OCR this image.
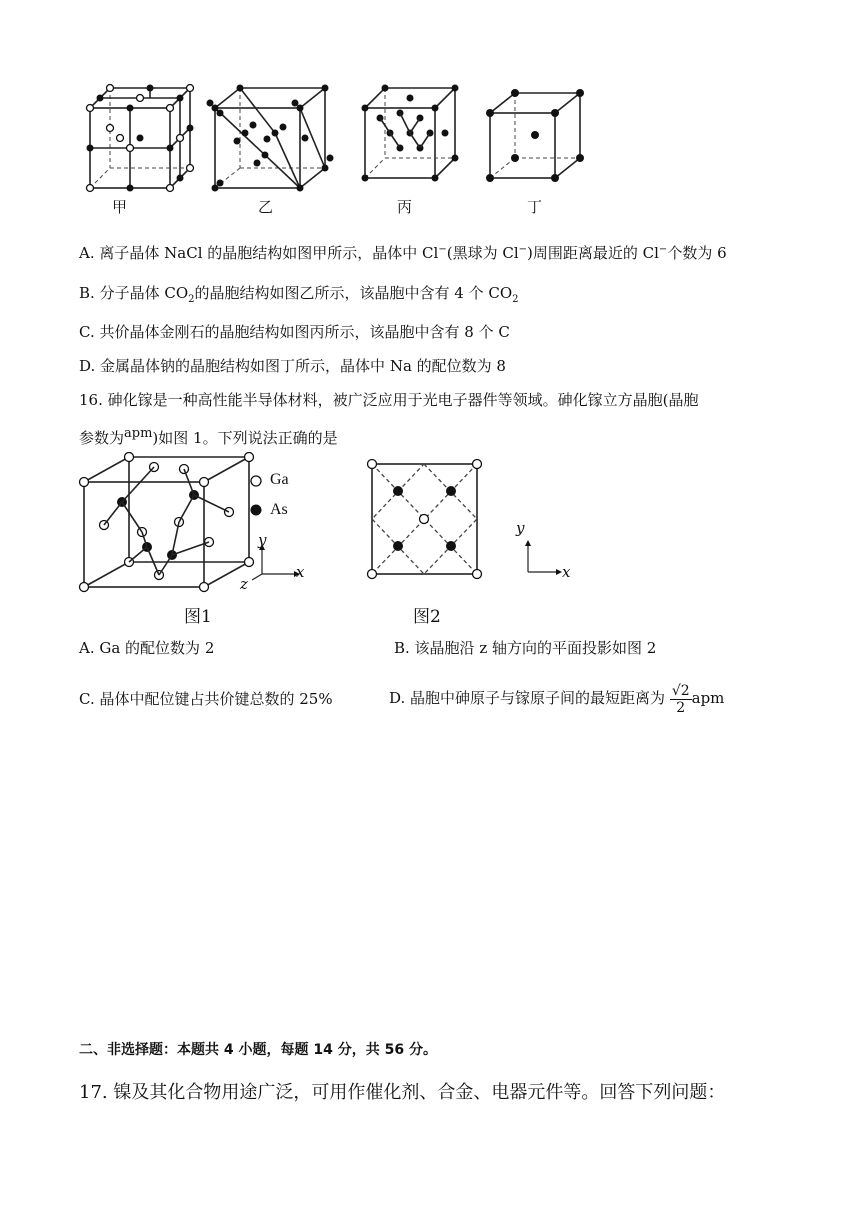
甲	乙	丙	丁
A. 离子晶体 NaCl 的晶胞结构如图甲所示，晶体中 Cl−(黑球为 Cl−)周围距离最近的 Cl−个数为 6
B. 分子晶体 $CO_2$的晶胞结构如图乙所示，该晶胞中含有 4 个 $CO_2$
C. 共价晶体金刚石的晶胞结构如图丙所示，该晶胞中含有 8 个 C
D. 金属晶体钠的晶胞结构如图丁所示，晶体中 Na 的配位数为 8
16. 砷化镓是一种高性能半导体材料，被广泛应用于光电子器件等领域。砷化镓立方晶胞(晶胞
参数为$^{apm}$)如图 1。下列说法正确的是
Ga
As
y
z
x
y
x
图1	图2
A. Ga 的配位数为 2	B. 该晶胞沿 z 轴方向的平面投影如图 2
C. 晶体中配位键占共价键总数的 25%	D. 晶胞中砷原子与镓原子间的最短距离为 $\frac{√2}{2}$ apm
二、非选择题：本题共 4 小题，每题 14 分，共 56 分。
17. 镍及其化合物用途广泛，可用作催化剂、合金、电器元件等。回答下列问题：
